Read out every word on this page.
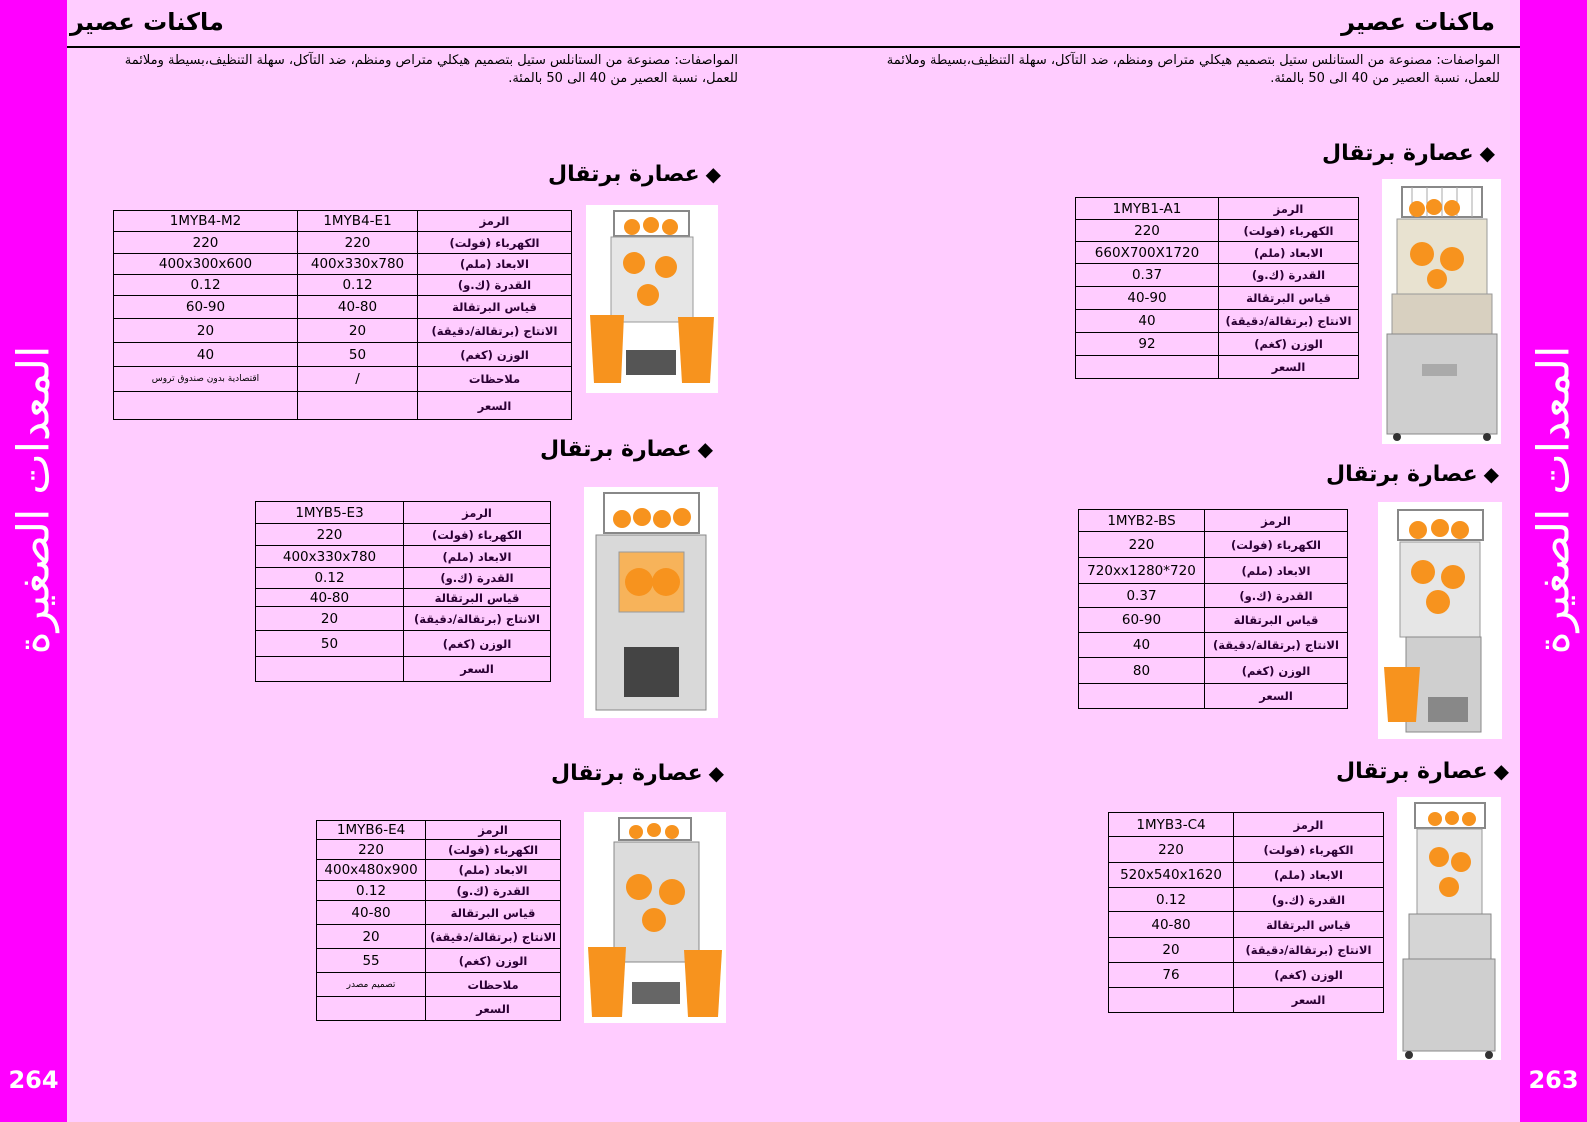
المعدات الصغيرة
264
المعدات الصغيرة
263
ماكنات عصير	ماكنات عصير
المواصفات: مصنوعة من الستانلس ستيل بتصميم هيكلي متراص ومنظم، ضد التآكل، سهلة التنظيف،بسيطة وملائمة للعمل، نسبة العصير من 40 الى 50 بالمئة.
المواصفات: مصنوعة من الستانلس ستيل بتصميم هيكلي متراص ومنظم، ضد التآكل، سهلة التنظيف،بسيطة وملائمة للعمل، نسبة العصير من 40 الى 50 بالمئة.
◆عصارة برتقال
الرمز	1MYB1-A1
الكهرباء (فولت)	220
الابعاد (ملم)	660X700X1720
القدرة (ك.و)	0.37
قياس البرتقالة	40-90
الانتاج (برتقالة/دقيقة)	40
الوزن (كغم)	92
السعر	
◆عصارة برتقال
الرمز	1MYB2-BS
الكهرباء (فولت)	220
الابعاد (ملم)	720*720xx1280
القدرة (ك.و)	0.37
قياس البرتقالة	60-90
الانتاج (برتقالة/دقيقة)	40
الوزن (كغم)	80
السعر	
◆عصارة برتقال
الرمز	1MYB3-C4
الكهرباء (فولت)	220
الابعاد (ملم)	520x540x1620
القدرة (ك.و)	0.12
قياس البرتقالة	40-80
الانتاج (برتقالة/دقيقة)	20
الوزن (كغم)	76
السعر	
◆عصارة برتقال
الرمز	1MYB4-E1	1MYB4-M2
الكهرباء (فولت)	220	220
الابعاد (ملم)	400x330x780	400x300x600
القدرة (ك.و)	0.12	0.12
قياس البرتقالة	40-80	60-90
الانتاج (برتقالة/دقيقة)	20	20
الوزن (كغم)	50	40
ملاحظات	/	اقتصادية بدون صندوق تروس
السعر		
◆عصارة برتقال
الرمز	1MYB5-E3
الكهرباء (فولت)	220
الابعاد (ملم)	400x330x780
القدرة (ك.و)	0.12
قياس البرتقالة	40-80
الانتاج (برتقالة/دقيقة)	20
الوزن (كغم)	50
السعر	
◆عصارة برتقال
الرمز	1MYB6-E4
الكهرباء (فولت)	220
الابعاد (ملم)	400x480x900
القدرة (ك.و)	0.12
قياس البرتقالة	40-80
الانتاج (برتقالة/دقيقة)	20
الوزن (كغم)	55
ملاحظات	تصميم مصدر
السعر	
